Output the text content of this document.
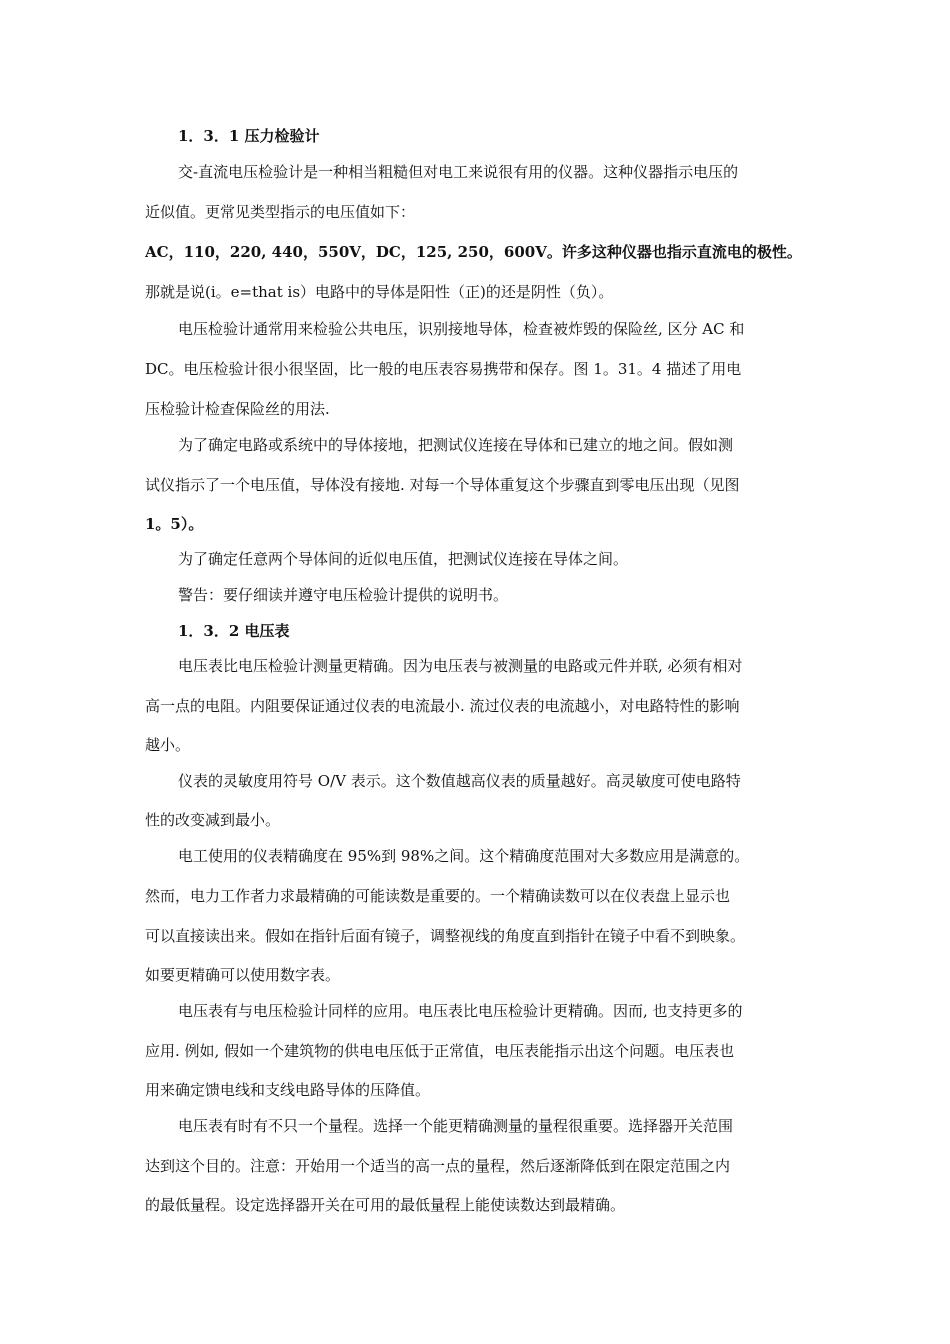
1．3．1 压力检验计
交-直流电压检验计是一种相当粗糙但对电工来说很有用的仪器。这种仪器指示电压的
近似值。更常见类型指示的电压值如下：
AC，110，220, 440，550V，DC，125, 250，600V。许多这种仪器也指示直流电的极性。
那就是说(i。e=that is）电路中的导体是阳性（正)的还是阴性（负）。
电压检验计通常用来检验公共电压，识别接地导体，检查被炸毁的保险丝, 区分 AC 和
DC。电压检验计很小很坚固，比一般的电压表容易携带和保存。图 1。31。4 描述了用电
压检验计检查保险丝的用法.
为了确定电路或系统中的导体接地，把测试仪连接在导体和已建立的地之间。假如测
试仪指示了一个电压值，导体没有接地. 对每一个导体重复这个步骤直到零电压出现（见图
1。5）。
为了确定任意两个导体间的近似电压值，把测试仪连接在导体之间。
警告：要仔细读并遵守电压检验计提供的说明书。
1．3．2 电压表
电压表比电压检验计测量更精确。因为电压表与被测量的电路或元件并联, 必须有相对
高一点的电阻。内阻要保证通过仪表的电流最小. 流过仪表的电流越小，对电路特性的影响
越小。
仪表的灵敏度用符号 O/V 表示。这个数值越高仪表的质量越好。高灵敏度可使电路特
性的改变减到最小。
电工使用的仪表精确度在 95%到 98%之间。这个精确度范围对大多数应用是满意的。
然而，电力工作者力求最精确的可能读数是重要的。一个精确读数可以在仪表盘上显示也
可以直接读出来。假如在指针后面有镜子，调整视线的角度直到指针在镜子中看不到映象。
如要更精确可以使用数字表。
电压表有与电压检验计同样的应用。电压表比电压检验计更精确。因而, 也支持更多的
应用. 例如, 假如一个建筑物的供电电压低于正常值，电压表能指示出这个问题。电压表也
用来确定馈电线和支线电路导体的压降值。
电压表有时有不只一个量程。选择一个能更精确测量的量程很重要。选择器开关范围
达到这个目的。注意：开始用一个适当的高一点的量程，然后逐渐降低到在限定范围之内
的最低量程。设定选择器开关在可用的最低量程上能使读数达到最精确。
